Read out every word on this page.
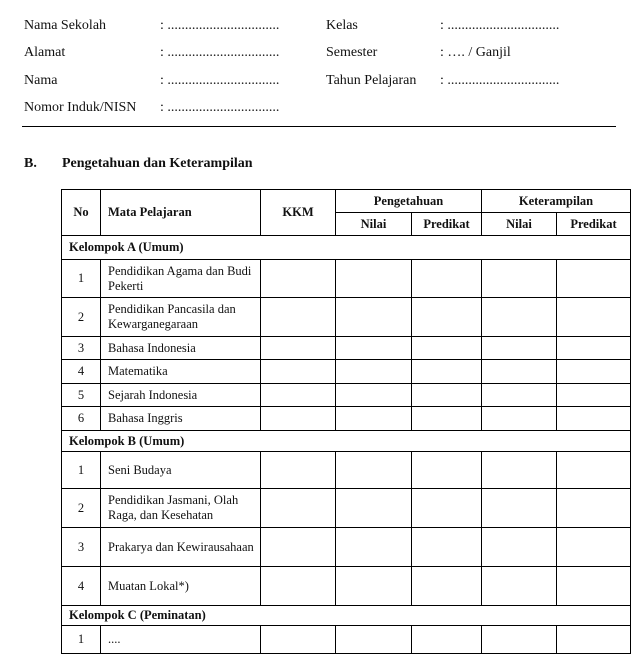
Nama Sekolah	: ................................
Alamat	: ................................
Nama	: ................................
Nomor Induk/NISN : ................................
Kelas	: ................................
Semester	: …. / Ganjil
Tahun Pelajaran : ................................
B. Pengetahuan dan Keterampilan
No	Mata Pelajaran	KKM	Pengetahuan		Keterampilan	
			Nilai	Predikat	Nilai	Predikat
Kelompok A (Umum)						
1	Pendidikan Agama dan Budi Pekerti					
2	Pendidikan Pancasila dan Kewarganegaraan					
3	Bahasa Indonesia					
4	Matematika					
5	Sejarah Indonesia					
6	Bahasa Inggris					
Kelompok B (Umum)						
1	Seni Budaya					
2	Pendidikan Jasmani, Olah Raga, dan Kesehatan					
3	Prakarya dan Kewirausahaan					
4	Muatan Lokal*)					
Kelompok C (Peminatan)						
1	....					
